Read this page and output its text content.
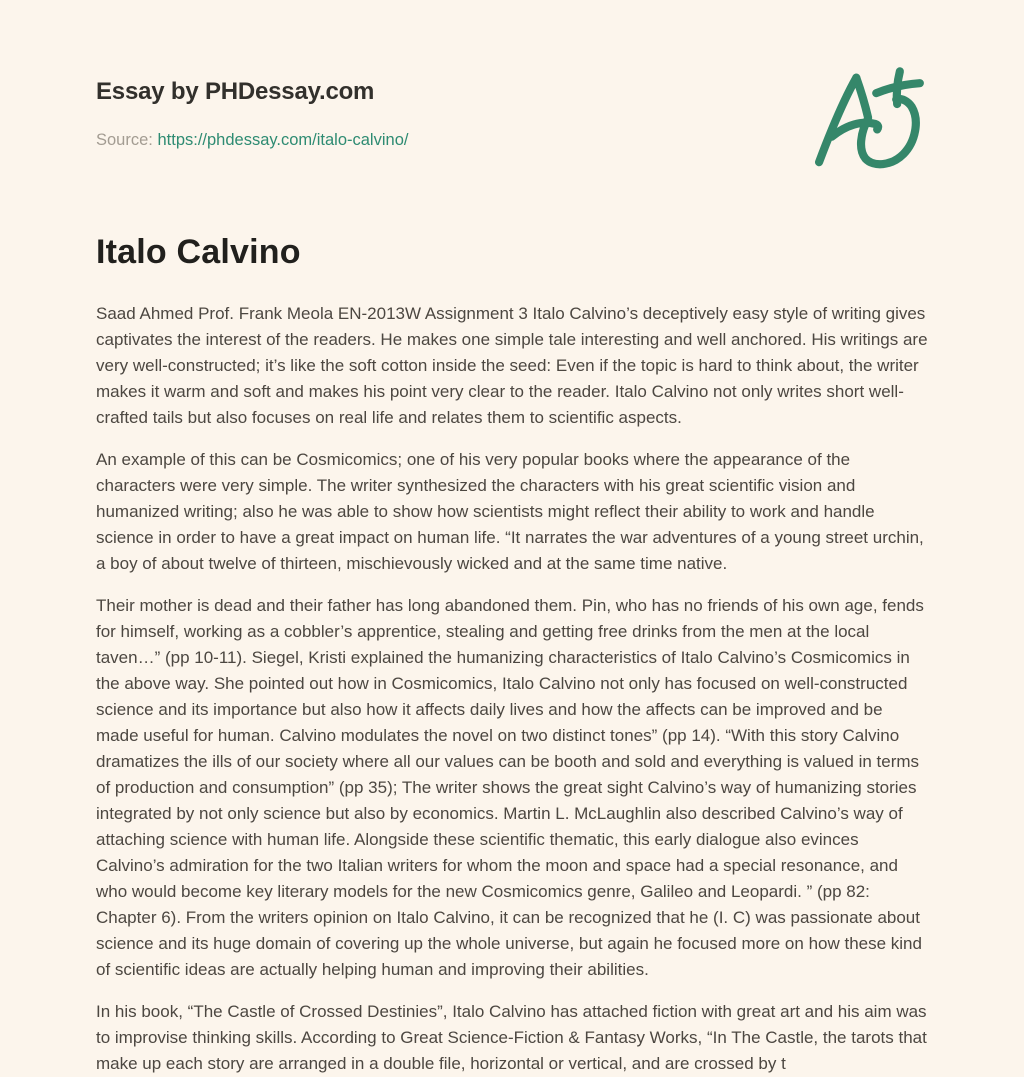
Essay by PHDessay.com
Source: https://phdessay.com/italo-calvino/
Italo Calvino

Saad Ahmed Prof. Frank Meola EN-2013W Assignment 3 Italo Calvino’s deceptively easy style of writing gives captivates the interest of the readers. He makes one simple tale interesting and well anchored. His writings are very well-constructed; it’s like the soft cotton inside the seed: Even if the topic is hard to think about, the writer makes it warm and soft and makes his point very clear to the reader. Italo Calvino not only writes short well-crafted tails but also focuses on real life and relates them to scientific aspects.

An example of this can be Cosmicomics; one of his very popular books where the appearance of the characters were very simple. The writer synthesized the characters with his great scientific vision and humanized writing; also he was able to show how scientists might reflect their ability to work and handle science in order to have a great impact on human life. “It narrates the war adventures of a young street urchin, a boy of about twelve of thirteen, mischievously wicked and at the same time native.

Their mother is dead and their father has long abandoned them. Pin, who has no friends of his own age, fends for himself, working as a cobbler’s apprentice, stealing and getting free drinks from the men at the local taven…” (pp 10-11). Siegel, Kristi explained the humanizing characteristics of Italo Calvino’s Cosmicomics in the above way. She pointed out how in Cosmicomics, Italo Calvino not only has focused on well-constructed science and its importance but also how it affects daily lives and how the affects can be improved and be made useful for human. Calvino modulates the novel on two distinct tones” (pp 14). “With this story Calvino dramatizes the ills of our society where all our values can be booth and sold and everything is valued in terms of production and consumption” (pp 35); The writer shows the great sight Calvino’s way of humanizing stories integrated by not only science but also by economics. Martin L. McLaughlin also described Calvino’s way of attaching science with human life. Alongside these scientific thematic, this early dialogue also evinces Calvino’s admiration for the two Italian writers for whom the moon and space had a special resonance, and who would become key literary models for the new Cosmicomics genre, Galileo and Leopardi. ” (pp 82: Chapter 6). From the writers opinion on Italo Calvino, it can be recognized that he (I. C) was passionate about science and its huge domain of covering up the whole universe, but again he focused more on how these kind of scientific ideas are actually helping human and improving their abilities.

In his book, “The Castle of Crossed Destinies”, Italo Calvino has attached fiction with great art and his aim was to improvise thinking skills. According to Great Science-Fiction & Fantasy Works, “In The Castle, the tarots that make up each story are arranged in a double file, horizontal or vertical, and are crossed by t
